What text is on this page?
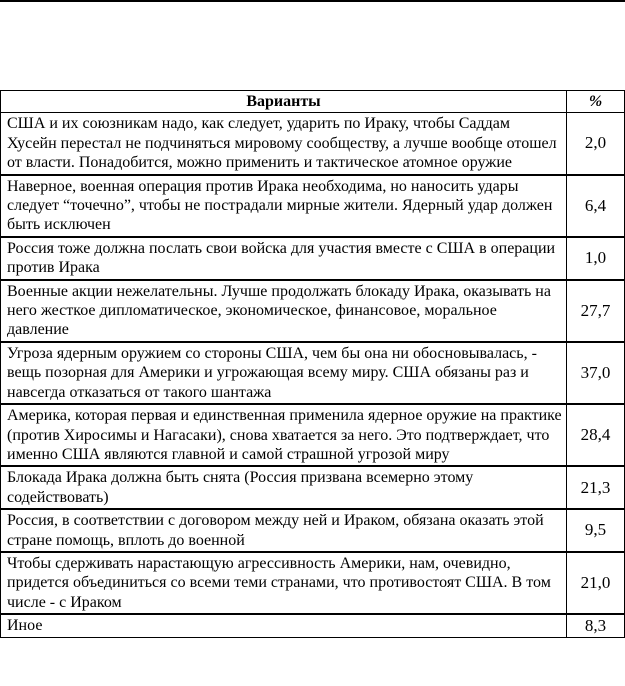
Варианты	%
США и их союзникам надо, как следует, ударить по Ираку, чтобы Саддам Хусейн перестал не подчиняться мировому сообществу, а лучше вообще отошел от власти. Понадобится, можно применить и тактическое атомное оружие	2,0
Наверное, военная операция против Ирака необходима, но наносить удары следует “точечно”, чтобы не пострадали мирные жители. Ядерный удар должен быть исключен	6,4
Россия тоже должна послать свои войска для участия вместе с США в операции против Ирака	1,0
Военные акции нежелательны. Лучше продолжать блокаду Ирака, оказывать на него жесткое дипломатическое, экономическое, финансовое, моральное давление	27,7
Угроза ядерным оружием со стороны США, чем бы она ни обосновывалась, - вещь позорная для Америки и угрожающая всему миру. США обязаны раз и навсегда отказаться от такого шантажа	37,0
Америка, которая первая и единственная применила ядерное оружие на практике (против Хиросимы и Нагасаки), снова хватается за него. Это подтверждает, что именно США являются главной и самой страшной угрозой миру	28,4
Блокада Ирака должна быть снята (Россия призвана всемерно этому содействовать)	21,3
Россия, в соответствии с договором между ней и Ираком, обязана оказать этой стране помощь, вплоть до военной	9,5
Чтобы сдерживать нарастающую агрессивность Америки, нам, очевидно, придется объединиться со всеми теми странами, что противостоят США. В том числе - с Ираком	21,0
Иное	8,3
